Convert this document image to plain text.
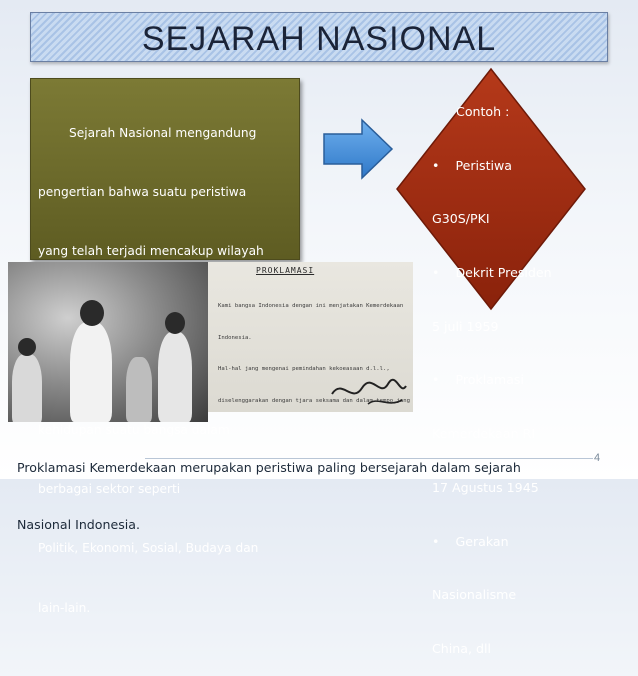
SEJARAH NASIONAL

Sejarah Nasional mengandung

pengertian bahwa suatu peristiwa

yang telah terjadi mencakup wilayah

kehidupan suatu bangsa dalam

berbagai sektor seperti

Politik, Ekonomi, Sosial, Budaya dan

lain-lain.

Contoh :

•    Peristiwa

G30S/PKI

•    Dekrit Presiden

5 juli 1959

•    Proklamasi

Kemerdekaan RI

17 Agustus 1945

•    Gerakan

Nasionalisme

China, dll

PROKLAMASI

Kami bangsa Indonesia dengan ini menjatakan Kemerdekaan

Indonesia.

Hal-hal jang mengenai pemindahan kekoeasaan d.l.l.,

diselenggarakan dengan tjara seksama dan dalam tempo jang

Proklamasi Kemerdekaan merupakan peristiwa paling bersejarah dalam sejarah

Nasional Indonesia.

4
